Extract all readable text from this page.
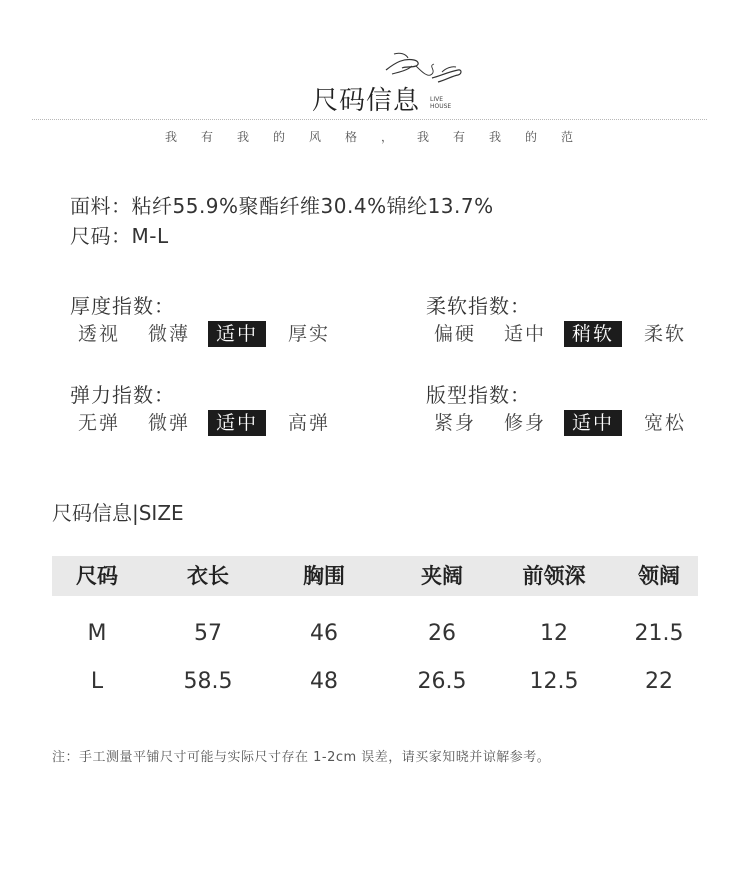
尺码信息 LIVE
HOUSE
我 有 我 的 风 格 ， 我 有 我 的 范
面料：粘纤55.9%聚酯纤维30.4%锦纶13.7%
尺码：M-L
厚度指数：
透视 微薄	适中	厚实
柔软指数：
偏硬 适中	稍软	柔软
弹力指数：
无弹 微弹	适中	高弹
版型指数：
紧身 修身	适中	宽松
尺码信息|SIZE
尺码	衣长	胸围	夹阔	前领深	领阔
M	57	46	26	12	21.5
L	58.5	48	26.5	12.5	22
注：手工测量平铺尺寸可能与实际尺寸存在 1-2cm 误差，请买家知晓并谅解参考。
